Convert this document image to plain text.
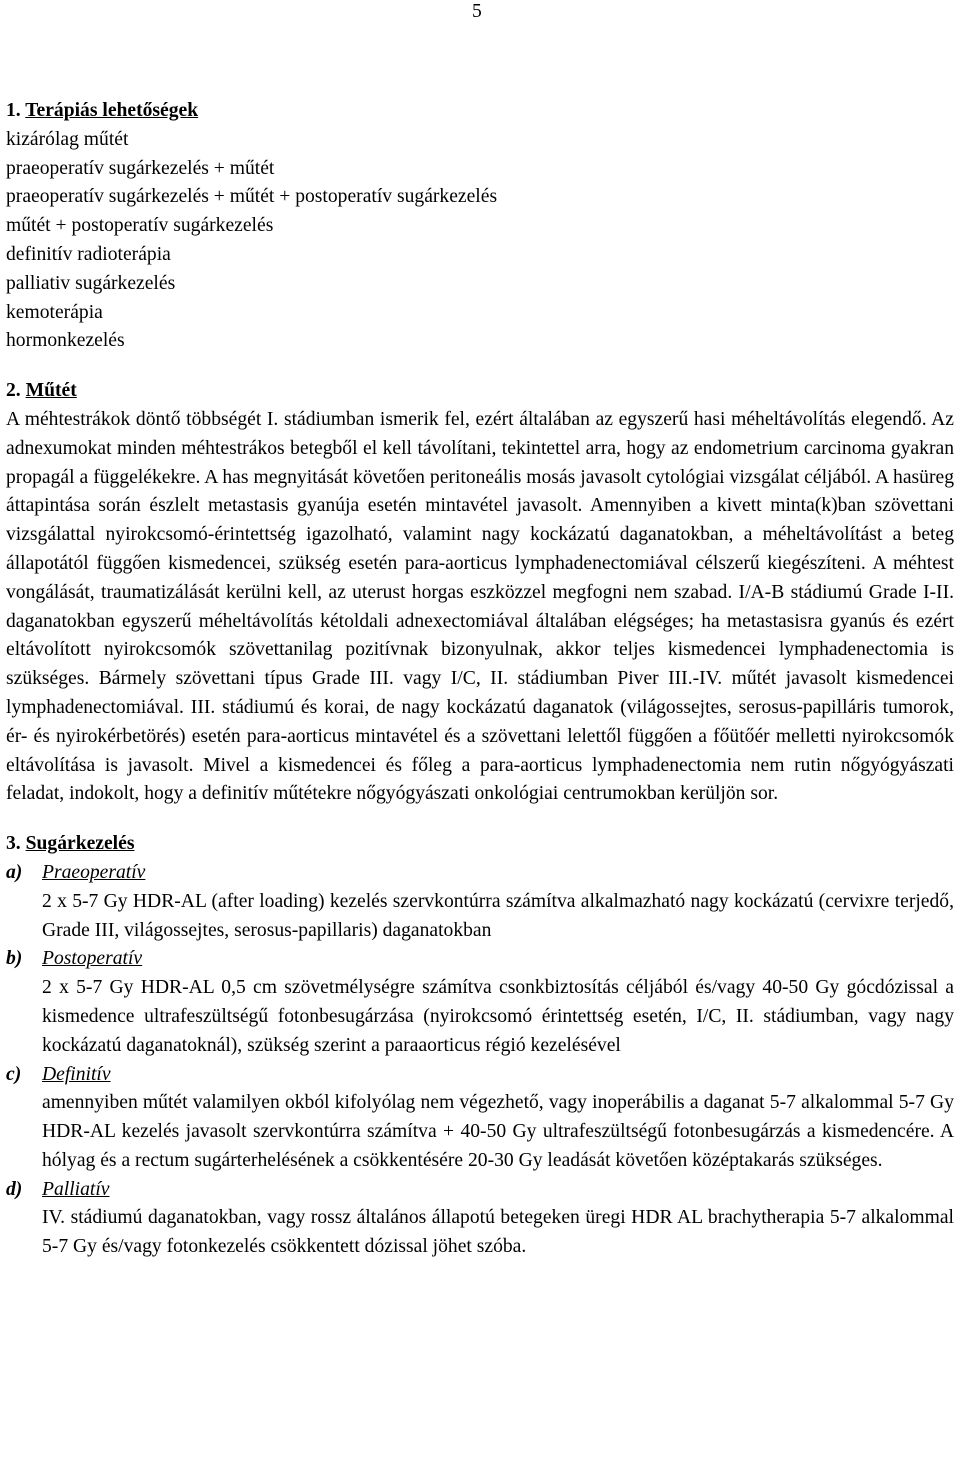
5
1. Terápiás lehetőségek
kizárólag műtét
praeoperatív sugárkezelés + műtét
praeoperatív sugárkezelés + műtét + postoperatív sugárkezelés
műtét + postoperatív sugárkezelés
definitív radioterápia
palliativ sugárkezelés
kemoterápia
hormonkezelés
2. Műtét
A méhtestrákok döntő többségét I. stádiumban ismerik fel, ezért általában az egyszerű hasi méheltávolítás elegendő. Az adnexumokat minden méhtestrákos betegből el kell távolítani, tekintettel arra, hogy az endometrium carcinoma gyakran propagál a függelékekre. A has megnyitását követően peritoneális mosás javasolt cytológiai vizsgálat céljából. A hasüreg áttapintása során észlelt metastasis gyanúja esetén mintavétel javasolt. Amennyiben a kivett minta(k)ban szövettani vizsgálattal nyirokcsomó-érintettség igazolható, valamint nagy kockázatú daganatokban, a méheltávolítást a beteg állapotától függően kismedencei, szükség esetén para-aorticus lymphadenectomiával célszerű kiegészíteni. A méhtest vongálását, traumatizálását kerülni kell, az uterust horgas eszközzel megfogni nem szabad. I/A-B stádiumú Grade I-II. daganatokban egyszerű méheltávolítás kétoldali adnexectomiával általában elégséges; ha metastasisra gyanús és ezért eltávolított nyirokcsomók szövettanilag pozitívnak bizonyulnak, akkor teljes kismedencei lymphadenectomia is szükséges. Bármely szövettani típus Grade III. vagy I/C, II. stádiumban Piver III.-IV. műtét javasolt kismedencei lymphadenectomiával. III. stádiumú és korai, de nagy kockázatú daganatok (világossejtes, serosus-papilláris tumorok, ér- és nyirokérbetörés) esetén para-aorticus mintavétel és a szövettani lelettől függően a főütőér melletti nyirokcsomók eltávolítása is javasolt. Mivel a kismedencei és főleg a para-aorticus lymphadenectomia nem rutin nőgyógyászati feladat, indokolt, hogy a definitív műtétekre nőgyógyászati onkológiai centrumokban kerüljön sor.
3. Sugárkezelés
a)	Praeoperatív
2 x 5-7 Gy HDR-AL (after loading) kezelés szervkontúrra számítva alkalmazható nagy kockázatú (cervixre terjedő, Grade III, világossejtes, serosus-papillaris) daganatokban
b)	Postoperatív
2 x 5-7 Gy HDR-AL 0,5 cm szövetmélységre számítva csonkbiztosítás céljából és/vagy 40-50 Gy gócdózissal a kismedence ultrafeszültségű fotonbesugárzása (nyirokcsomó érintettség esetén, I/C, II. stádiumban, vagy nagy kockázatú daganatoknál), szükség szerint a paraaorticus régió kezelésével
c)	Definitív
amennyiben műtét valamilyen okból kifolyólag nem végezhető, vagy inoperábilis a daganat 5-7 alkalommal 5-7 Gy HDR-AL kezelés javasolt szervkontúrra számítva + 40-50 Gy ultrafeszültségű fotonbesugárzás a kismedencére. A hólyag és a rectum sugárterhelésének a csökkentésére 20-30 Gy leadását követően középtakarás szükséges.
d)	Palliatív
IV. stádiumú daganatokban, vagy rossz általános állapotú betegeken üregi HDR AL brachytherapia 5-7 alkalommal 5-7 Gy és/vagy fotonkezelés csökkentett dózissal jöhet szóba.
